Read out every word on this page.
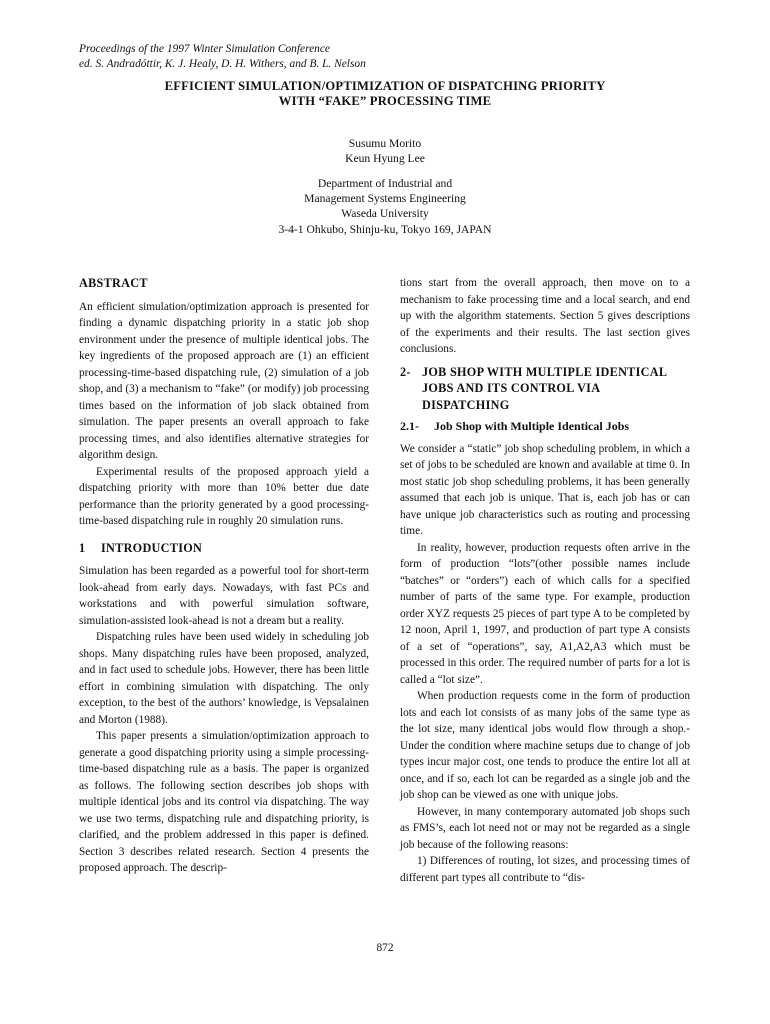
Proceedings of the 1997 Winter Simulation Conference
ed. S. Andradóttir, K. J. Healy, D. H. Withers, and B. L. Nelson
EFFICIENT SIMULATION/OPTIMIZATION OF DISPATCHING PRIORITY
WITH “FAKE” PROCESSING TIME
Susumu Morito
Keun Hyung Lee
Department of Industrial and
Management Systems Engineering
Waseda University
3-4-1 Ohkubo, Shinju-ku, Tokyo 169, JAPAN
ABSTRACT

An efficient simulation/optimization approach is presented for finding a dynamic dispatching priority in a static job shop environment under the presence of multiple identical jobs. The key ingredients of the proposed approach are (1) an efficient processing-time-based dispatching rule, (2) simulation of a job shop, and (3) a mechanism to “fake” (or modify) job processing times based on the information of job slack obtained from simulation. The paper presents an overall approach to fake processing times, and also identifies alternative strategies for algorithm design.

Experimental results of the proposed approach yield a dispatching priority with more than 10% better due date performance than the priority generated by a good processing-time-based dispatching rule in roughly 20 simulation runs.

1 INTRODUCTION

Simulation has been regarded as a powerful tool for short-term look-ahead from early days. Nowadays, with fast PCs and workstations and with powerful simulation software, simulation-assisted look-ahead is not a dream but a reality.

Dispatching rules have been used widely in scheduling job shops. Many dispatching rules have been proposed, analyzed, and in fact used to schedule jobs. However, there has been little effort in combining simulation with dispatching. The only exception, to the best of the authors’ knowledge, is Vepsalainen and Morton (1988).

This paper presents a simulation/optimization approach to generate a good dispatching priority using a simple processing-time-based dispatching rule as a basis. The paper is organized as follows. The following section describes job shops with multiple identical jobs and its control via dispatching. The way we use two terms, dispatching rule and dispatching priority, is clarified, and the problem addressed in this paper is defined. Section 3 describes related research. Section 4 presents the proposed approach. The descrip-

tions start from the overall approach, then move on to a mechanism to fake processing time and a local search, and end up with the algorithm statements. Section 5 gives descriptions of the experiments and their results. The last section gives conclusions.

2- JOB SHOP WITH MULTIPLE IDENTICAL JOBS AND ITS CONTROL VIA DISPATCHING
2.1-	Job Shop with Multiple Identical Jobs

We consider a “static” job shop scheduling problem, in which a set of jobs to be scheduled are known and available at time 0. In most static job shop scheduling problems, it has been generally assumed that each job is unique. That is, each job has or can have unique job characteristics such as routing and processing time.

In reality, however, production requests often arrive in the form of production “lots”(other possible names include “batches” or “orders”) each of which calls for a specified number of parts of the same type. For example, production order XYZ requests 25 pieces of part type A to be completed by 12 noon, April 1, 1997, and production of part type A consists of a set of “operations”, say, A1,A2,A3 which must be processed in this order. The required number of parts for a lot is called a “lot size”.

When production requests come in the form of production lots and each lot consists of as many jobs of the same type as the lot size, many identical jobs would flow through a shop.- Under the condition where machine setups due to change of job types incur major cost, one tends to produce the entire lot all at once, and if so, each lot can be regarded as a single job and the job shop can be viewed as one with unique jobs.

However, in many contemporary automated job shops such as FMS’s, each lot need not or may not be regarded as a single job because of the following reasons:

1) Differences of routing, lot sizes, and processing times of different part types all contribute to “dis-

872
